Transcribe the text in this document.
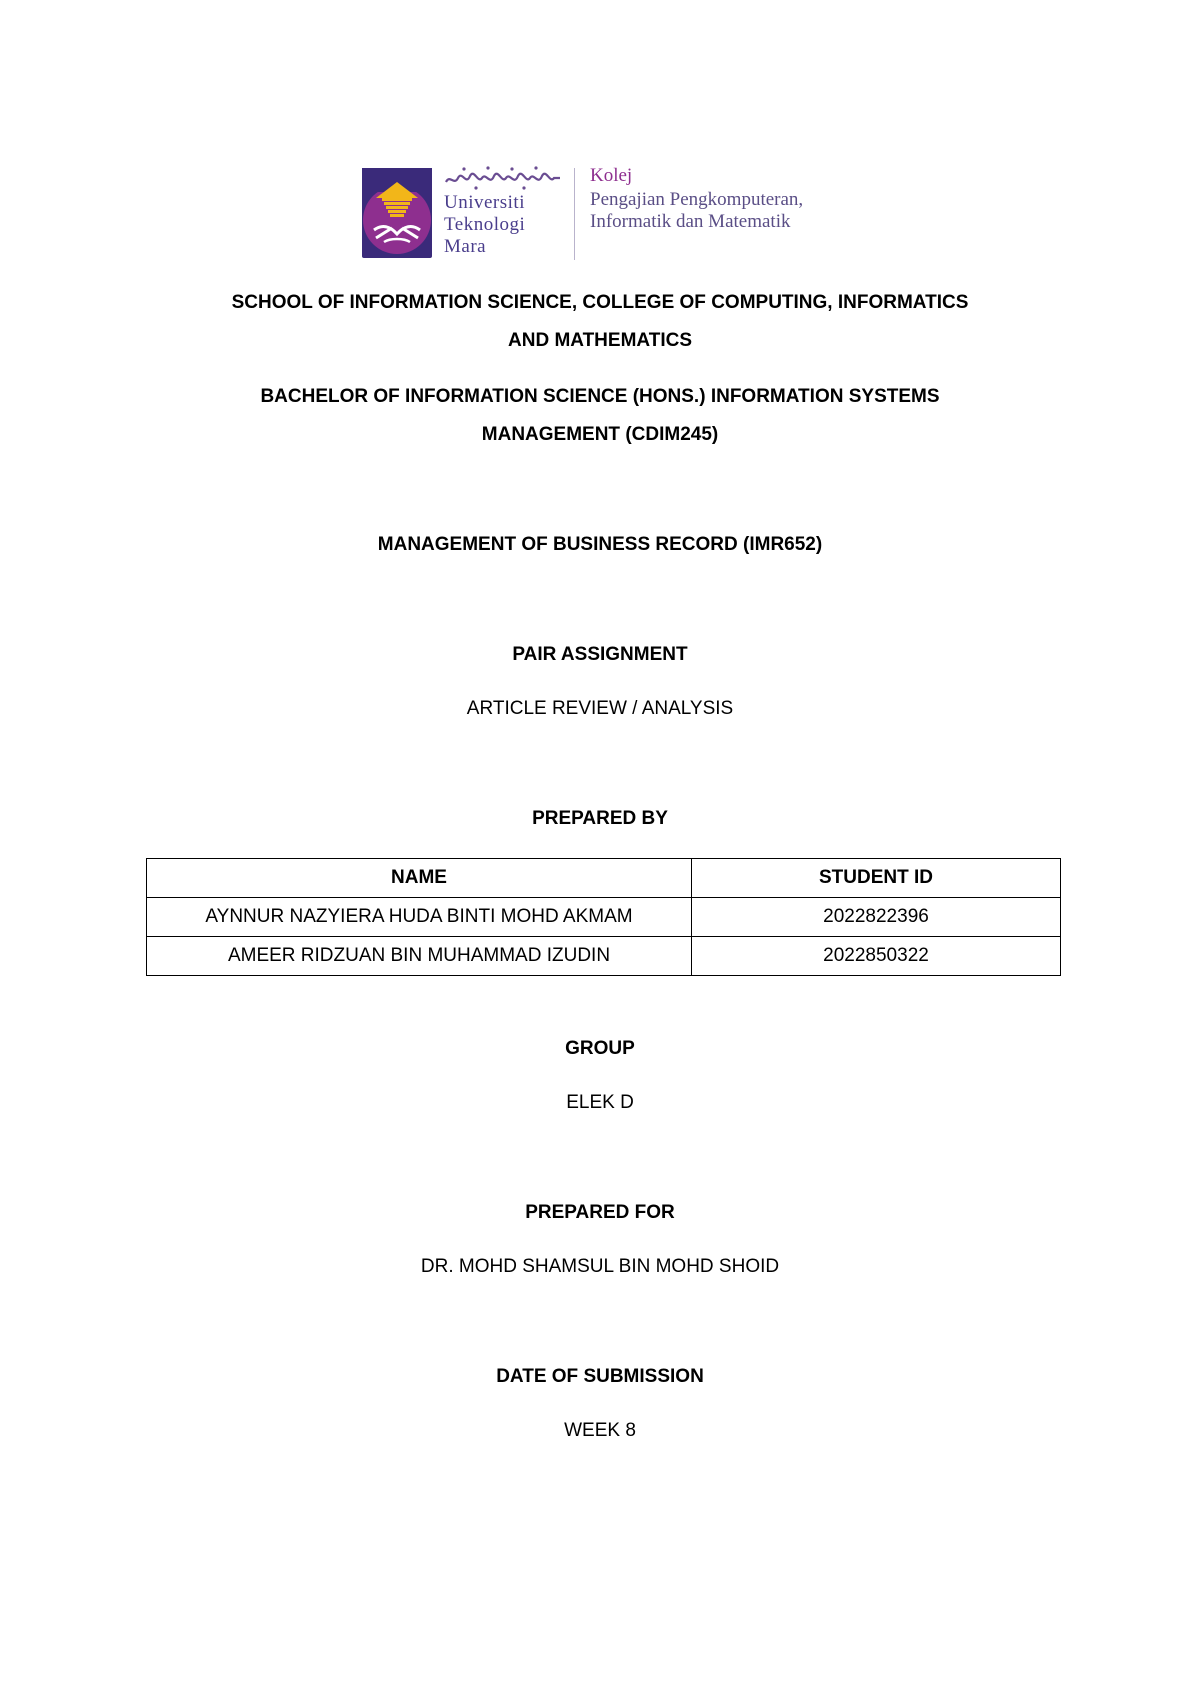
Universiti
Teknologi
Mara
Kolej
Pengajian Pengkomputeran,
Informatik dan Matematik
SCHOOL OF INFORMATION SCIENCE, COLLEGE OF COMPUTING, INFORMATICS
AND MATHEMATICS
BACHELOR OF INFORMATION SCIENCE (HONS.) INFORMATION SYSTEMS
MANAGEMENT (CDIM245)
MANAGEMENT OF BUSINESS RECORD (IMR652)
PAIR ASSIGNMENT
ARTICLE REVIEW / ANALYSIS
PREPARED BY
NAME	STUDENT ID
AYNNUR NAZYIERA HUDA BINTI MOHD AKMAM	2022822396
AMEER RIDZUAN BIN MUHAMMAD IZUDIN	2022850322
GROUP
ELEK D
PREPARED FOR
DR. MOHD SHAMSUL BIN MOHD SHOID
DATE OF SUBMISSION
WEEK 8
